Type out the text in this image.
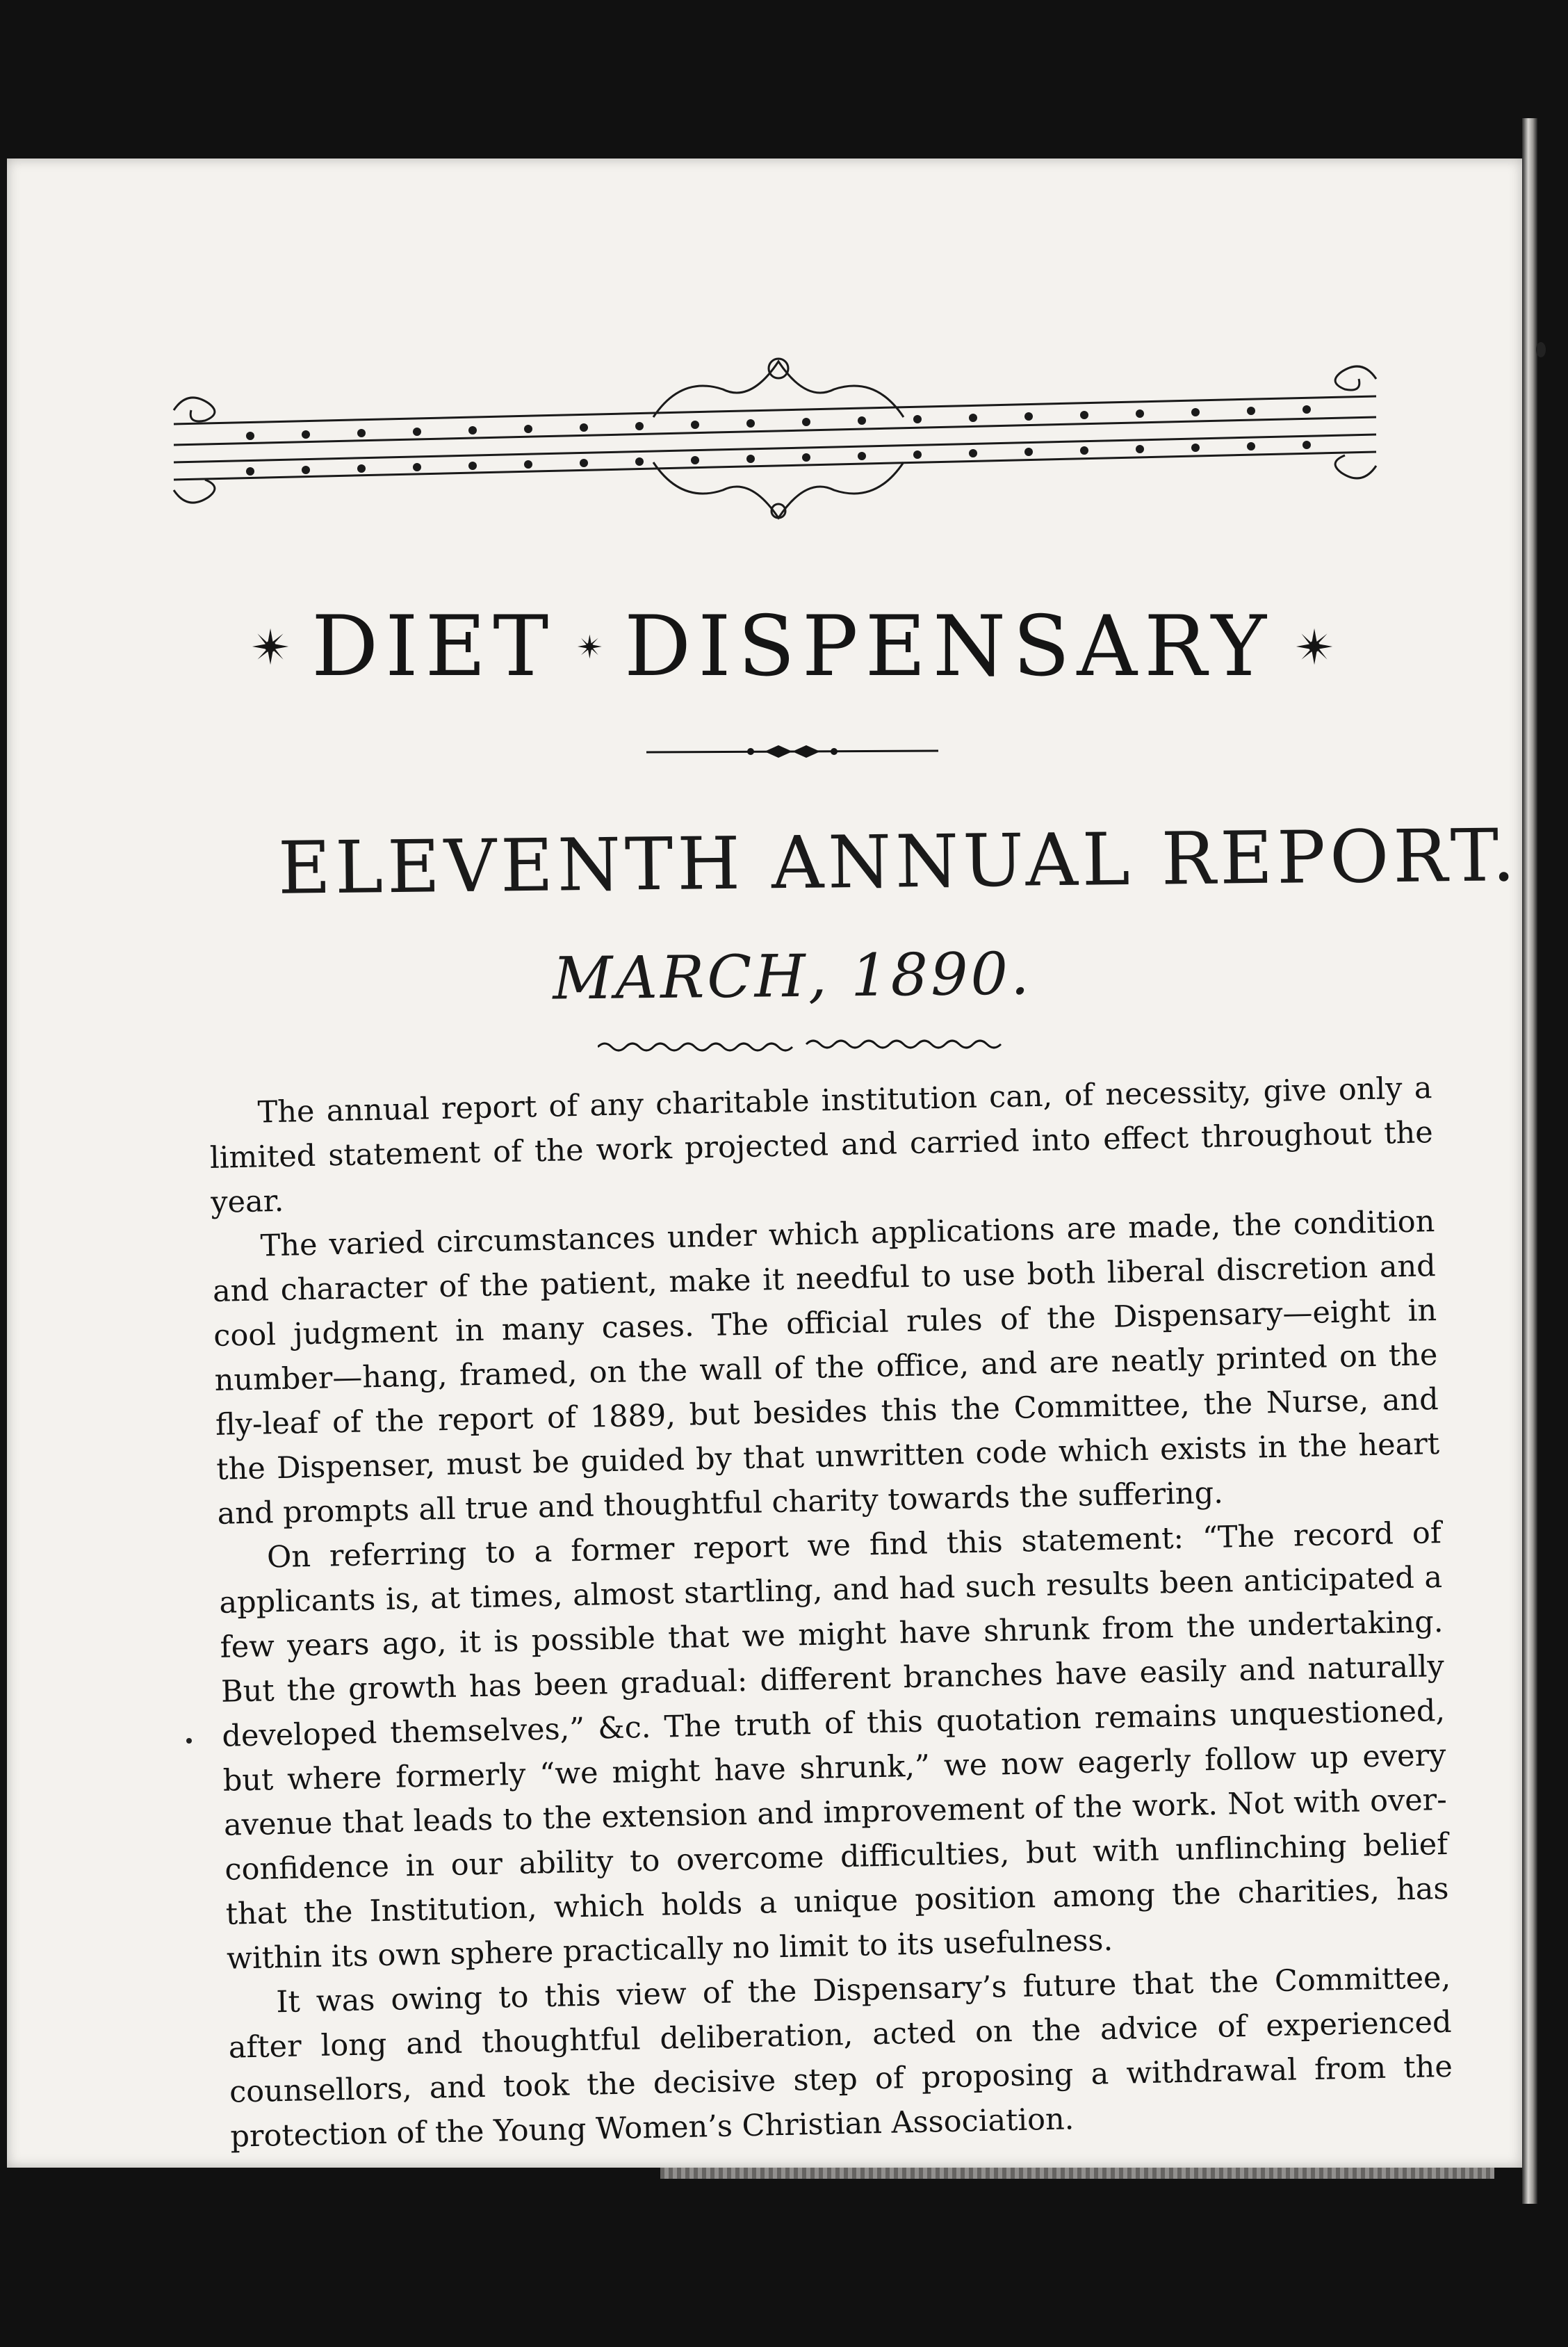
DIET DISPENSARY
ELEVENTH ANNUAL REPORT.
MARCH, 1890.

The annual report of any charitable institution can, of necessity, give only a limited statement of the work projected and carried into effect throughout the year.

The varied circumstances under which applications are made, the condition and character of the patient, make it needful to use both liberal discretion and cool judgment in many cases. The official rules of the Dispensary—eight in number—hang, framed, on the wall of the office, and are neatly printed on the fly-leaf of the report of 1889, but besides this the Committee, the Nurse, and the Dispenser, must be guided by that unwritten code which exists in the heart and prompts all true and thoughtful charity towards the suffering.

On referring to a former report we find this statement: “The record of applicants is, at times, almost startling, and had such results been anticipated a few years ago, it is possible that we might have shrunk from the undertaking. But the growth has been gradual: different branches have easily and naturally developed themselves,” &c. The truth of this quotation remains unquestioned, but where formerly “we might have shrunk,” we now eagerly follow up every avenue that leads to the extension and improvement of the work. Not with over-confidence in our ability to overcome difficulties, but with unflinching belief that the Institution, which holds a unique position among the charities, has within its own sphere practically no limit to its usefulness.

It was owing to this view of the Dispensary’s future that the Committee, after long and thoughtful deliberation, acted on the advice of experienced counsellors, and took the decisive step of proposing a withdrawal from the protection of the Young Women’s Christian Association.
